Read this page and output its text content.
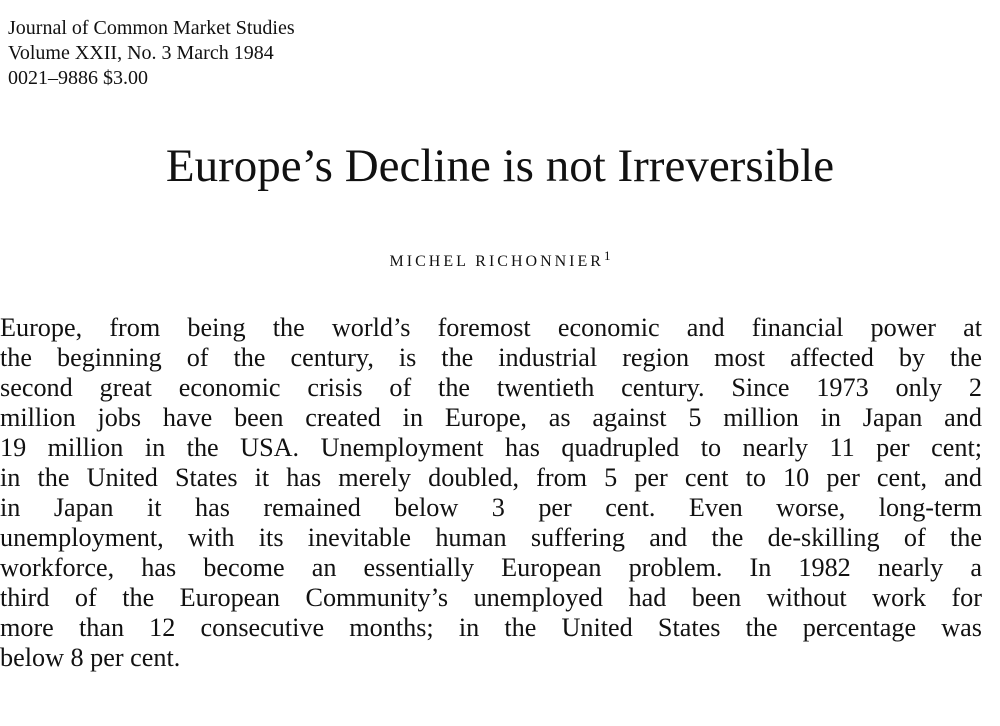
Journal of Common Market Studies
Volume XXII, No. 3 March 1984
0021–9886 $3.00
Europe’s Decline is not Irreversible
MICHEL RICHONNIER$^1$
Europe, from being the world’s foremost economic and financial power at
the beginning of the century, is the industrial region most affected by the
second great economic crisis of the twentieth century. Since 1973 only 2
million jobs have been created in Europe, as against 5 million in Japan and
19 million in the USA. Unemployment has quadrupled to nearly 11 per cent;
in the United States it has merely doubled, from 5 per cent to 10 per cent, and
in Japan it has remained below 3 per cent. Even worse, long-term
unemployment, with its inevitable human suffering and the de-skilling of the
workforce, has become an essentially European problem. In 1982 nearly a
third of the European Community’s unemployed had been without work for
more than 12 consecutive months; in the United States the percentage was
below 8 per cent.
